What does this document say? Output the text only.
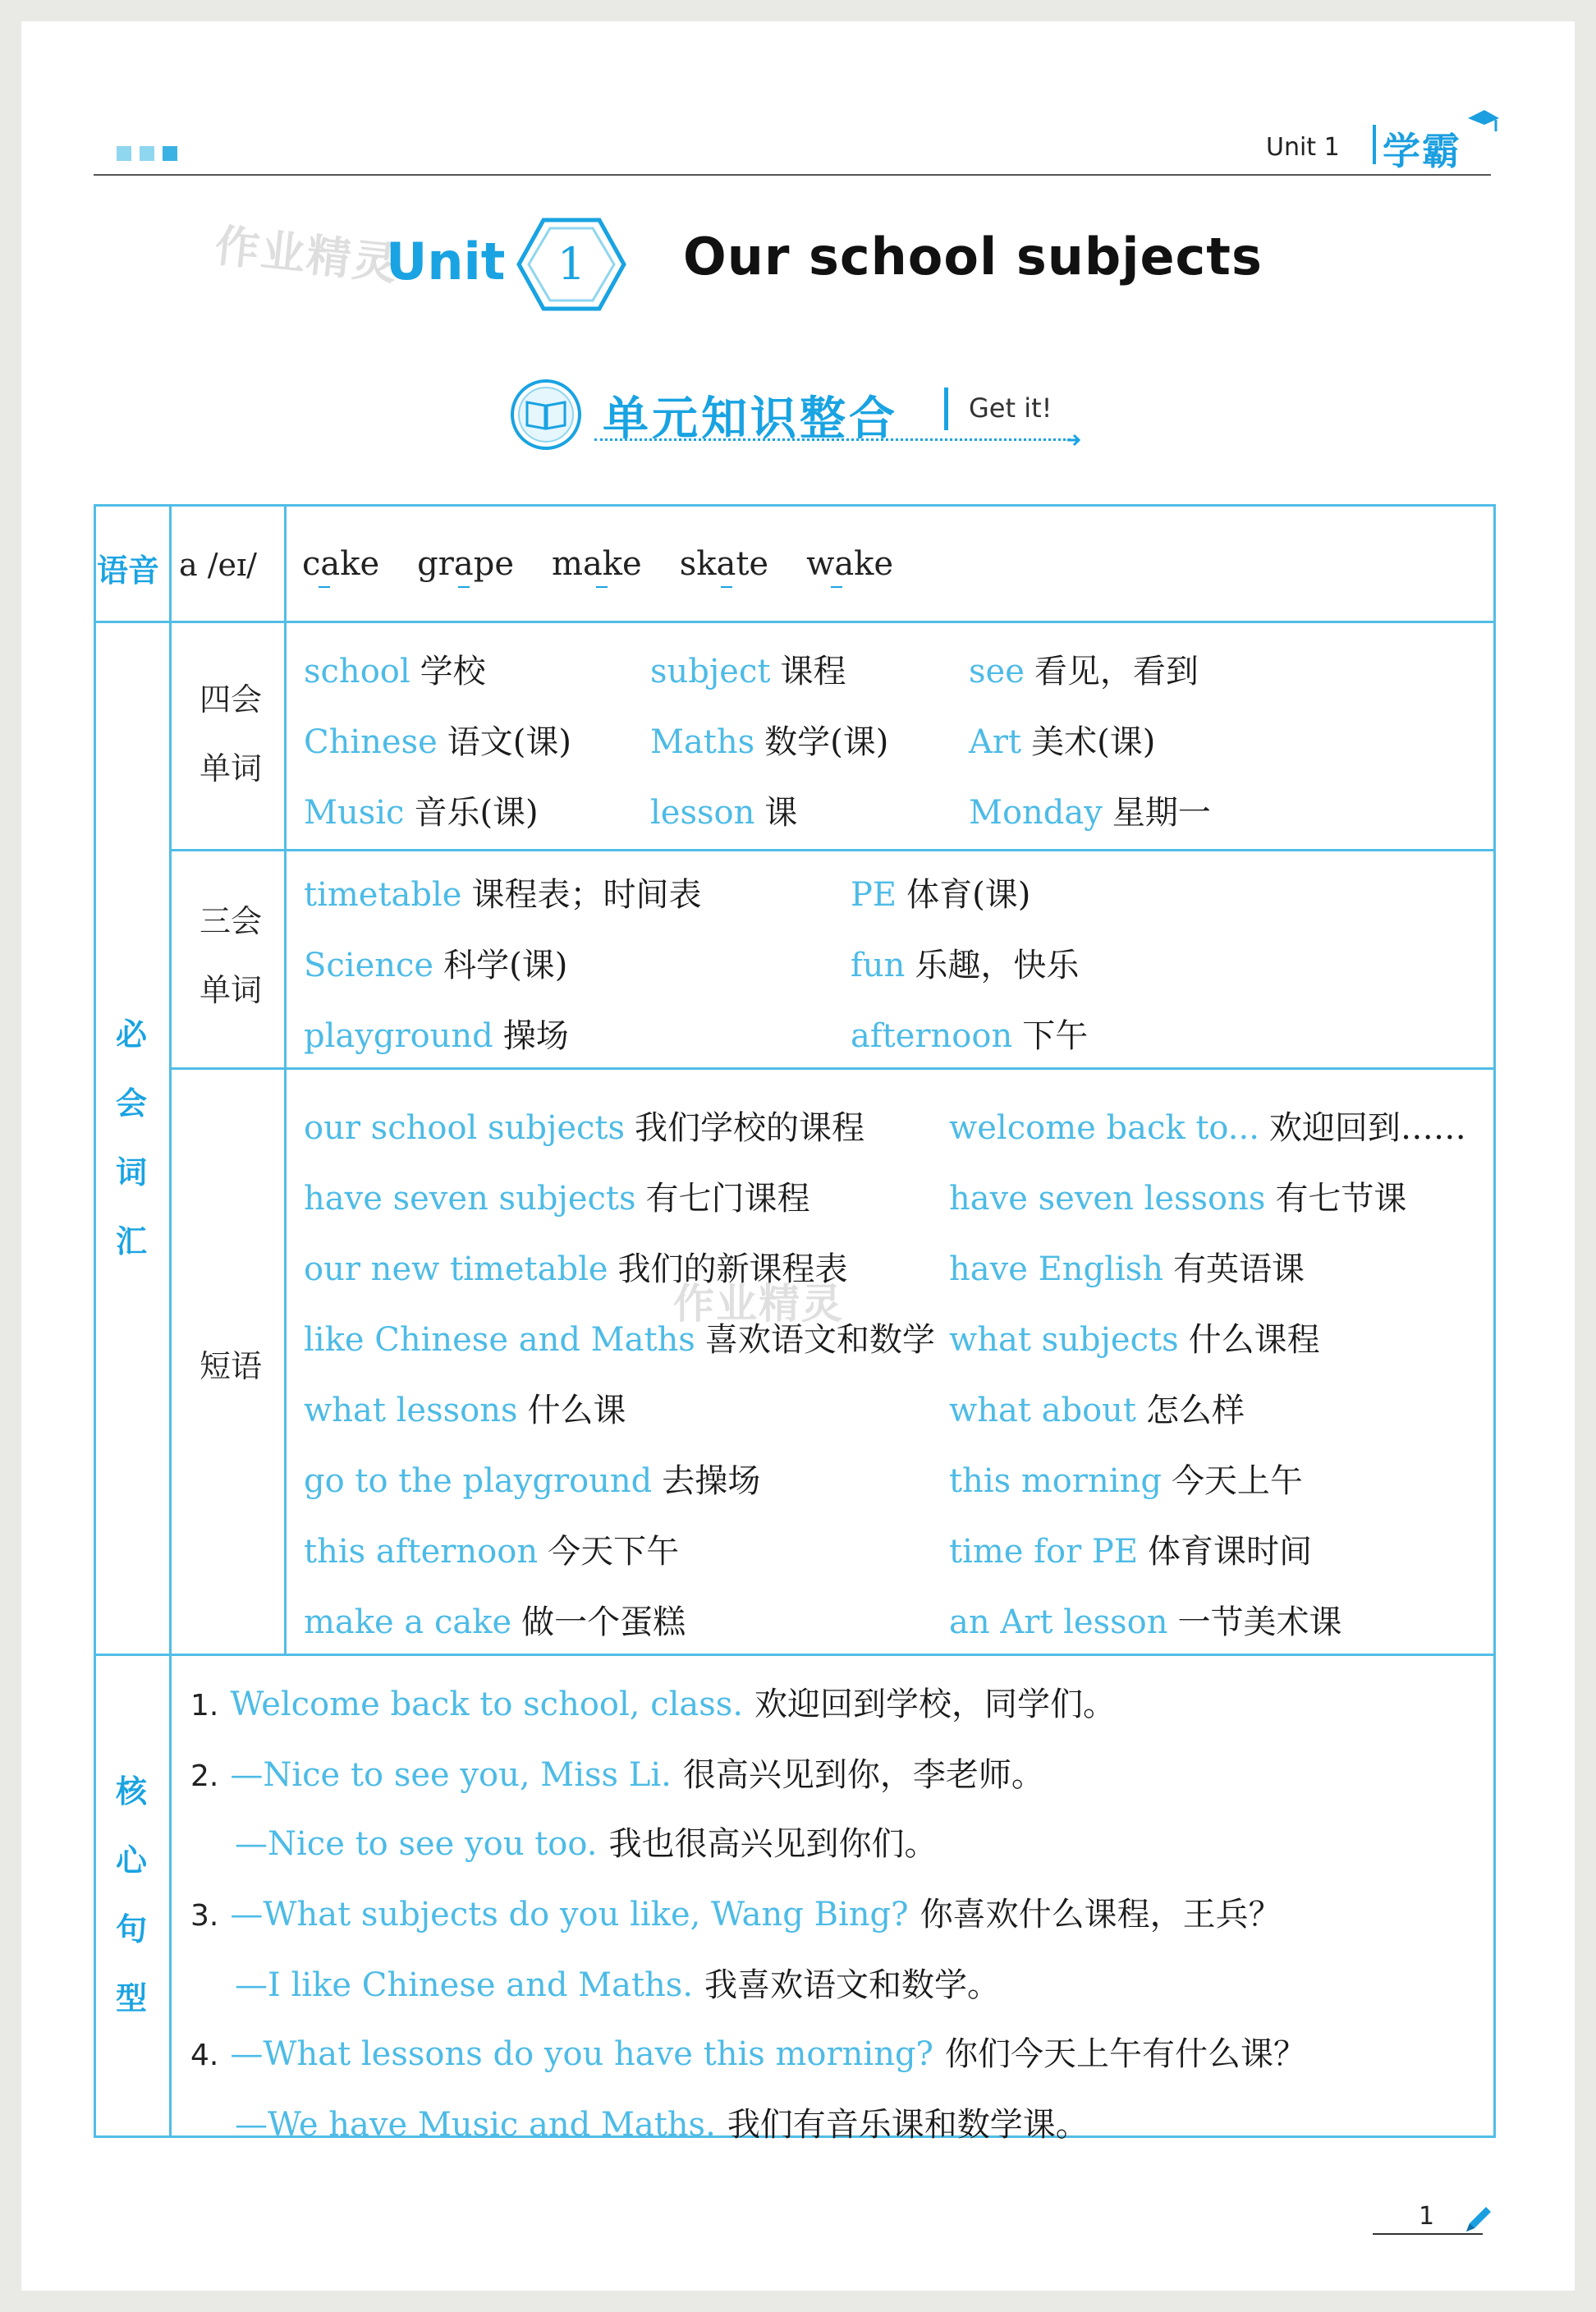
Unit 1 学霸
作业精灵
Unit 1 Our school subjects
单元知识整合	Get it!
语音
必
会
词
汇
核
心
句
型
a /eɪ/ cake grape make skate wake
四会
单词
school 学校	subject 课程	see 看见，看到
Chinese 语文(课) Maths 数学(课) Art 美术(课)
Music 音乐(课)	lesson 课	Monday 星期一
三会
单词
timetable 课程表；时间表	PE 体育(课)
Science 科学(课)	fun 乐趣，快乐
playground 操场	afternoon 下午
短语
作业精灵
our school subjects 我们学校的课程	welcome back to... 欢迎回到……
have seven subjects 有七门课程	have seven lessons 有七节课
our new timetable 我们的新课程表	have English 有英语课
like Chinese and Maths 喜欢语文和数学 what subjects 什么课程
what lessons 什么课	what about 怎么样
go to the playground 去操场	this morning 今天上午
this afternoon 今天下午	time for PE 体育课时间
make a cake 做一个蛋糕	an Art lesson 一节美术课
1. Welcome back to school, class. 欢迎回到学校，同学们。
2. —Nice to see you, Miss Li. 很高兴见到你，李老师。
—Nice to see you too. 我也很高兴见到你们。
3. —What subjects do you like, Wang Bing? 你喜欢什么课程，王兵？
—I like Chinese and Maths. 我喜欢语文和数学。
4. —What lessons do you have this morning? 你们今天上午有什么课？
—We have Music and Maths. 我们有音乐课和数学课。
1
